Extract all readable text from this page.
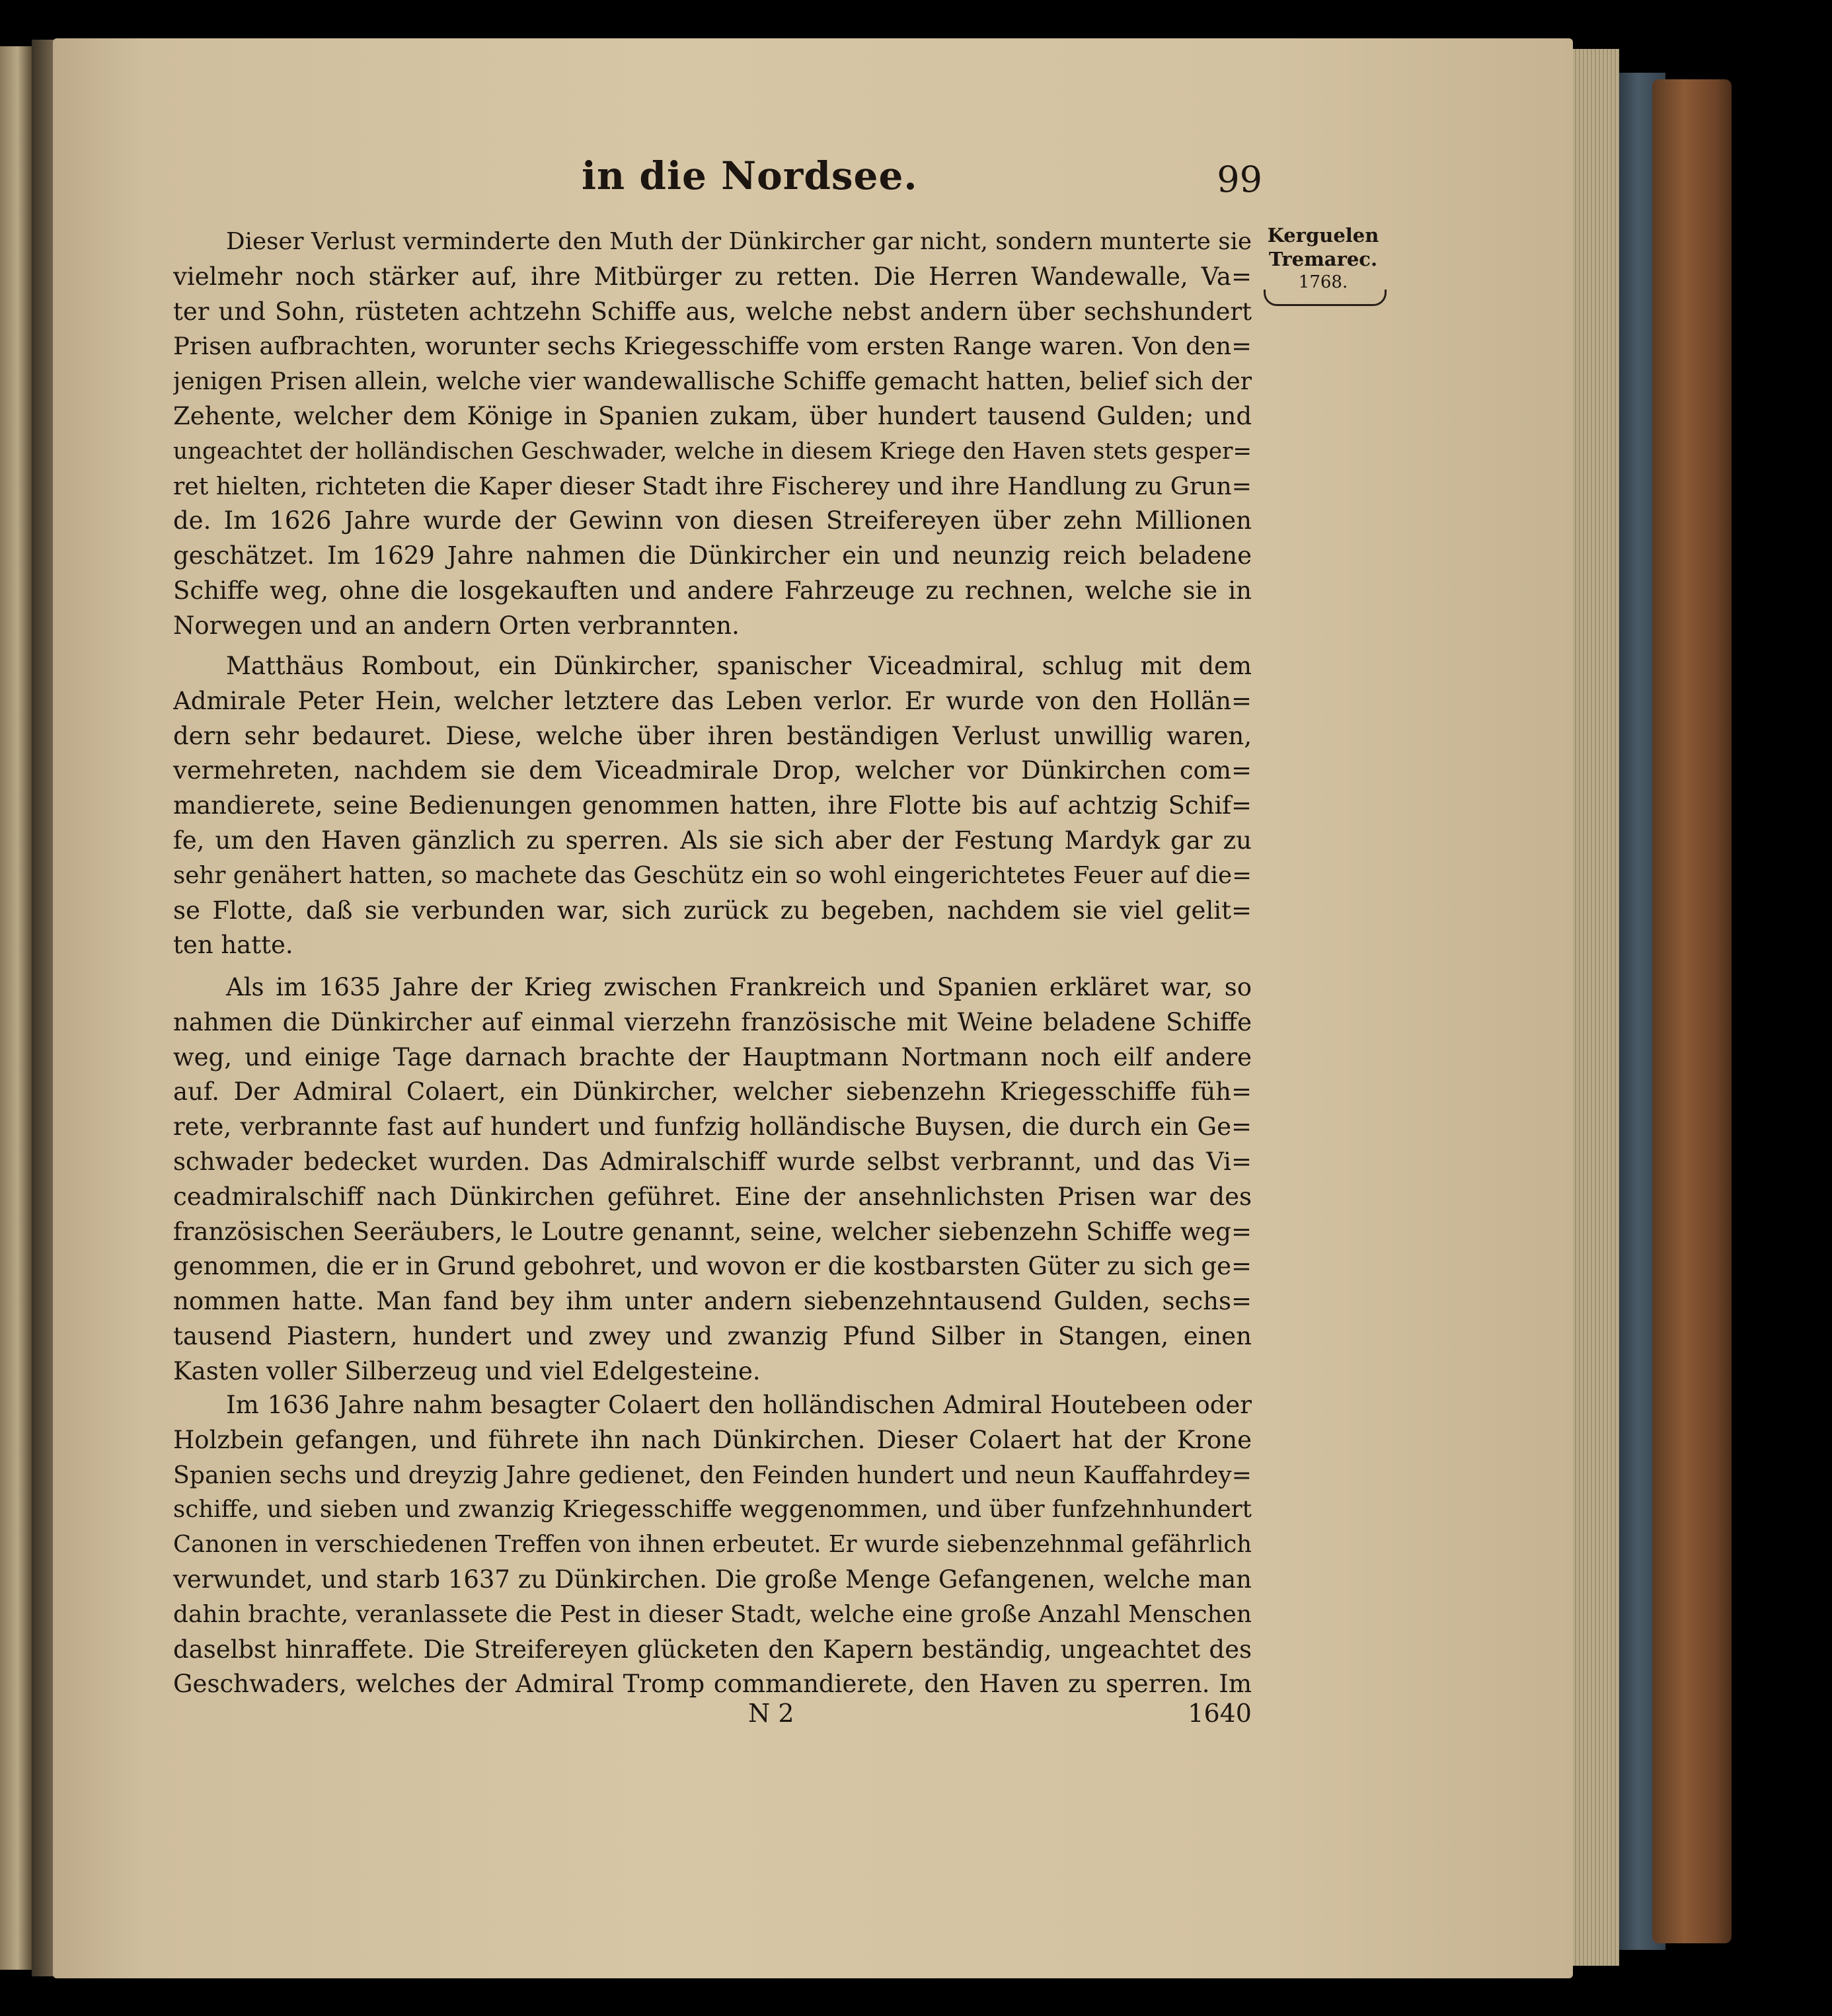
in die Nordsee.	99
Kerguelen
Tremarec.
1768.
Dieser Verlust verminderte den Muth der Dünkircher gar nicht, sondern munterte sie
vielmehr noch stärker auf, ihre Mitbürger zu retten. Die Herren Wandewalle, Va=
ter und Sohn, rüsteten achtzehn Schiffe aus, welche nebst andern über sechshundert
Prisen aufbrachten, worunter sechs Kriegesschiffe vom ersten Range waren. Von den=
jenigen Prisen allein, welche vier wandewallische Schiffe gemacht hatten, belief sich der
Zehente, welcher dem Könige in Spanien zukam, über hundert tausend Gulden; und
ungeachtet der holländischen Geschwader, welche in diesem Kriege den Haven stets gesper=
ret hielten, richteten die Kaper dieser Stadt ihre Fischerey und ihre Handlung zu Grun=
de. Im 1626 Jahre wurde der Gewinn von diesen Streifereyen über zehn Millionen
geschätzet. Im 1629 Jahre nahmen die Dünkircher ein und neunzig reich beladene
Schiffe weg, ohne die losgekauften und andere Fahrzeuge zu rechnen, welche sie in
Norwegen und an andern Orten verbrannten.
Matthäus Rombout, ein Dünkircher, spanischer Viceadmiral, schlug mit dem
Admirale Peter Hein, welcher letztere das Leben verlor. Er wurde von den Hollän=
dern sehr bedauret. Diese, welche über ihren beständigen Verlust unwillig waren,
vermehreten, nachdem sie dem Viceadmirale Drop, welcher vor Dünkirchen com=
mandierete, seine Bedienungen genommen hatten, ihre Flotte bis auf achtzig Schif=
fe, um den Haven gänzlich zu sperren. Als sie sich aber der Festung Mardyk gar zu
sehr genähert hatten, so machete das Geschütz ein so wohl eingerichtetes Feuer auf die=
se Flotte, daß sie verbunden war, sich zurück zu begeben, nachdem sie viel gelit=
ten hatte.
Als im 1635 Jahre der Krieg zwischen Frankreich und Spanien erkläret war, so
nahmen die Dünkircher auf einmal vierzehn französische mit Weine beladene Schiffe
weg, und einige Tage darnach brachte der Hauptmann Nortmann noch eilf andere
auf. Der Admiral Colaert, ein Dünkircher, welcher siebenzehn Kriegesschiffe füh=
rete, verbrannte fast auf hundert und funfzig holländische Buysen, die durch ein Ge=
schwader bedecket wurden. Das Admiralschiff wurde selbst verbrannt, und das Vi=
ceadmiralschiff nach Dünkirchen geführet. Eine der ansehnlichsten Prisen war des
französischen Seeräubers, le Loutre genannt, seine, welcher siebenzehn Schiffe weg=
genommen, die er in Grund gebohret, und wovon er die kostbarsten Güter zu sich ge=
nommen hatte. Man fand bey ihm unter andern siebenzehntausend Gulden, sechs=
tausend Piastern, hundert und zwey und zwanzig Pfund Silber in Stangen, einen
Kasten voller Silberzeug und viel Edelgesteine.
Im 1636 Jahre nahm besagter Colaert den holländischen Admiral Houtebeen oder
Holzbein gefangen, und führete ihn nach Dünkirchen. Dieser Colaert hat der Krone
Spanien sechs und dreyzig Jahre gedienet, den Feinden hundert und neun Kauffahrdey=
schiffe, und sieben und zwanzig Kriegesschiffe weggenommen, und über funfzehnhundert
Canonen in verschiedenen Treffen von ihnen erbeutet. Er wurde siebenzehnmal gefährlich
verwundet, und starb 1637 zu Dünkirchen. Die große Menge Gefangenen, welche man
dahin brachte, veranlassete die Pest in dieser Stadt, welche eine große Anzahl Menschen
daselbst hinraffete. Die Streifereyen glücketen den Kapern beständig, ungeachtet des
Geschwaders, welches der Admiral Tromp commandierete, den Haven zu sperren. Im
N 2	1640
